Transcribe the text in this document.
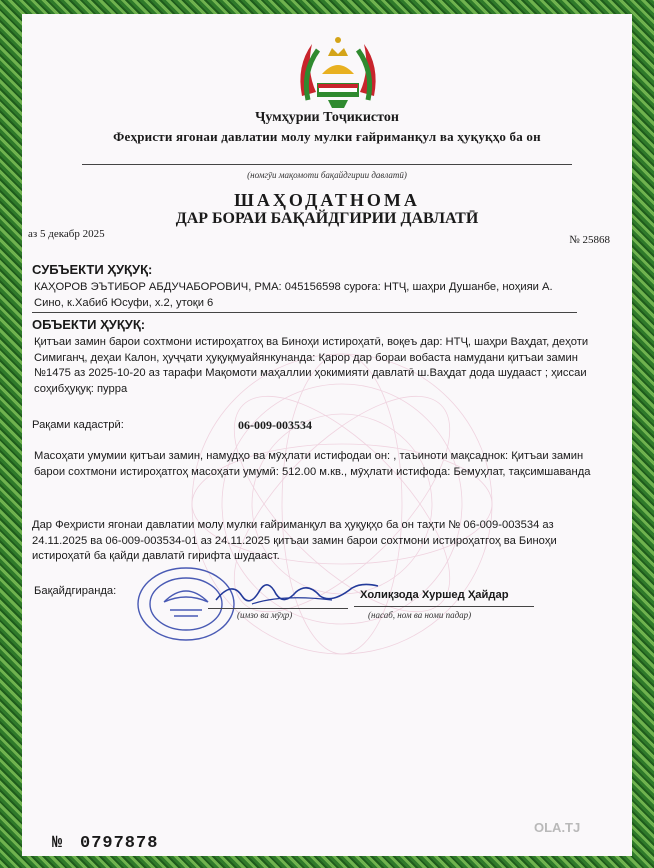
Ҷумҳурии Тоҷикистон
Феҳристи ягонаи давлатии молу мулки ғайриманқул ва ҳуқуқҳо ба он
(номгӯи мақомоти бақайдгирии давлатӣ)
ШАҲОДАТНОМА
ДАР БОРАИ БАҚАЙДГИРИИ ДАВЛАТӢ
аз 5 декабр 2025	№ 25868
СУБЪЕКТИ ҲУҚУҚ:
КАҲОРОВ ЭЪТИБОР АБДУЧАБОРОВИЧ, РМА: 045156598 суроға: НТҶ, шаҳри Душанбе, ноҳияи А. Сино, к.Хабиб Юсуфи, х.2, утоқи 6
ОБЪЕКТИ ҲУҚУҚ:
Қитъаи замин барои сохтмони истироҳатгоҳ ва Биноҳи истироҳатӣ, воқеъ дар: НТҶ, шаҳри Ваҳдат, деҳоти Симиганҷ, деҳаи Калон, ҳуҷҷати ҳуқуқмуайянкунанда: Қарор дар бораи вобаста намудани қитъаи замин №1475 аз 2025-10-20 аз тарафи Мақомоти маҳаллии ҳокимияти давлатӣ ш.Ваҳдат дода шудааст ; ҳиссаи соҳибҳуқуқ: пурра
Рақами кадастрӣ:	06-009-003534
Масоҳати умумии қитъаи замин, намудҳо ва мӯҳлати истифодаи он: , таъиноти мақсаднок: Қитъаи замин барои сохтмони истироҳатгоҳ масоҳати умумӣ: 512.00 м.кв., мӯҳлати истифода: Бемуҳлат, тақсимшаванда
Дар Феҳристи ягонаи давлатии молу мулки ғайриманқул ва ҳуқуқҳо ба он таҳти № 06-009-003534 аз 24.11.2025 ва 06-009-003534-01 аз 24.11.2025 қитъаи замин барои сохтмони истироҳатгоҳ ва Биноҳи истироҳатӣ ба қайди давлатӣ гирифта шудааст.
Бақайдгиранда:
(имзо ва мӯҳр)
Холиқзода Хуршед Ҳайдар
(насаб, ном ва номи падар)
№ 0797878
OLA.TJ
